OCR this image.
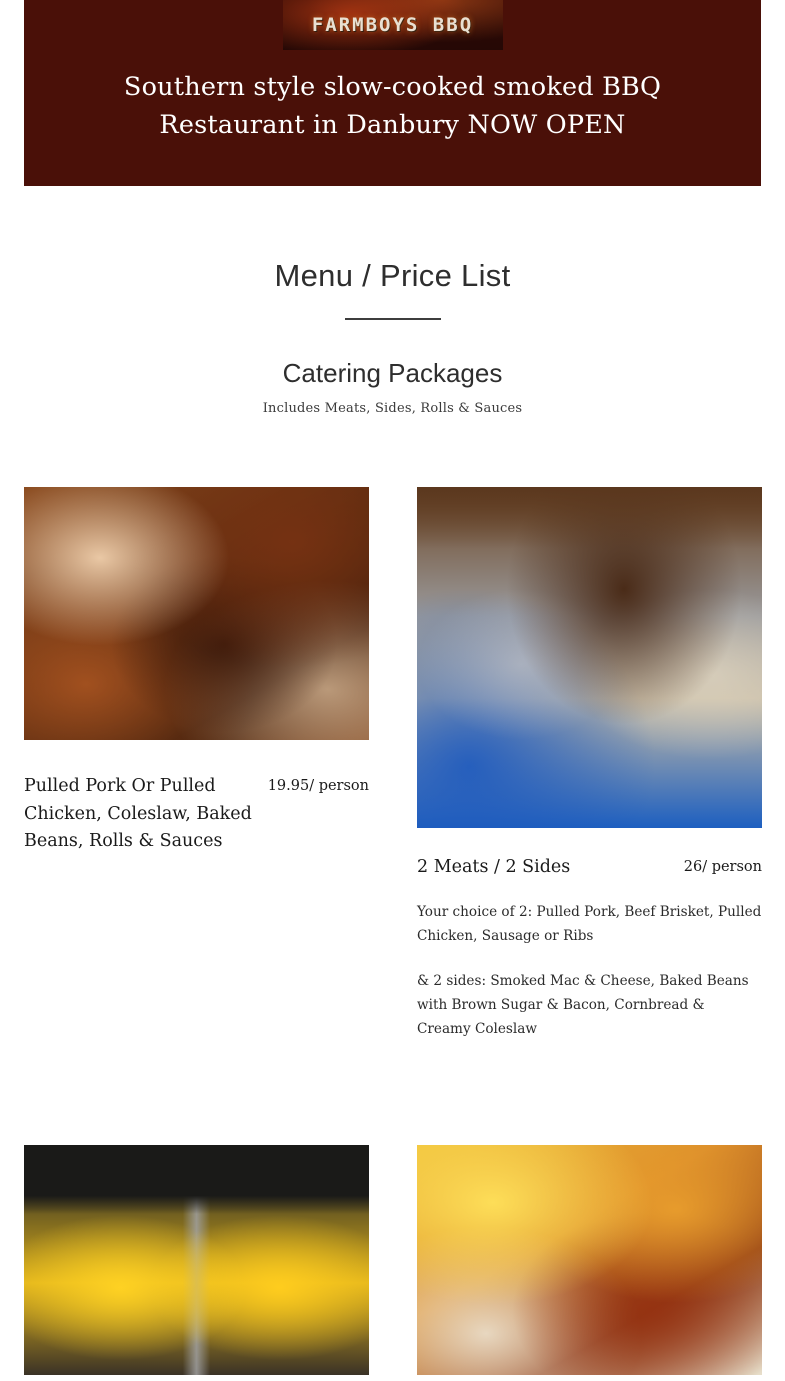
FARMBOYS BBQ
Southern style slow-cooked smoked BBQ Restaurant in Danbury NOW OPEN
Menu / Price List
Catering Packages
Includes Meats, Sides, Rolls & Sauces
Pulled Pork Or Pulled Chicken, Coleslaw, Baked Beans, Rolls & Sauces
19.95/ person
2 Meats / 2 Sides	26/ person
Your choice of 2: Pulled Pork, Beef Brisket, Pulled Chicken, Sausage or Ribs
& 2 sides: Smoked Mac & Cheese, Baked Beans with Brown Sugar & Bacon, Cornbread & Creamy Coleslaw
